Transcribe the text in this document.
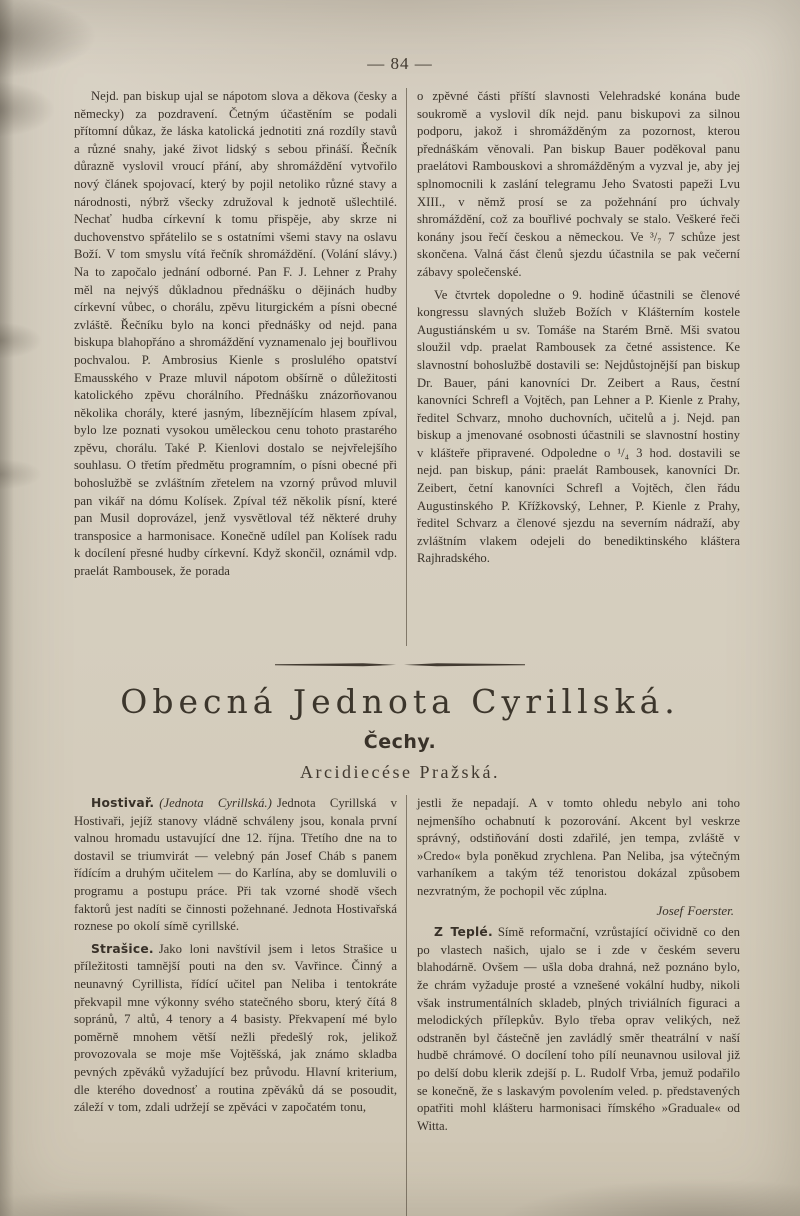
— 84 —

Nejd. pan biskup ujal se nápotom slova a děkova (česky a německy) za pozdravení. Četným účastěním se podali přítomní důkaz, že láska katolická jednotiti zná rozdíly stavů a různé snahy, jaké život lidský s sebou přináší. Řečník důrazně vyslovil vroucí přání, aby shromáždění vytvořilo nový článek spojovací, který by pojil netoliko různé stavy a národnosti, nýbrž všecky združoval k jednotě ušlechtilé. Nechať hudba církevní k tomu přispěje, aby skrze ni duchovenstvo spřátelilo se s ostatními všemi stavy na oslavu Boží. V tom smyslu vítá řečník shromáždění. (Volání slávy.) Na to započalo jednání odborné. Pan F. J. Lehner z Prahy měl na nejvýš důkladnou přednášku o dějinách hudby církevní vůbec, o chorálu, zpěvu liturgickém a písni obecné zvláště. Řečníku bylo na konci přednášky od nejd. pana biskupa blahopřáno a shromáždění vyznamenalo jej bouřlivou pochvalou. P. Ambrosius Kienle s proslulého opatství Emausského v Praze mluvil nápotom obšírně o důležitosti katolického zpěvu chorálního. Přednášku znázorňovanou několika chorály, které jasným, líbeznějícím hlasem zpíval, bylo lze poznati vysokou uměleckou cenu tohoto prastarého zpěvu, chorálu. Také P. Kienlovi dostalo se nejvřelejšího souhlasu. O třetím předmětu programním, o písni obecné při bohoslužbě se zvláštním zřetelem na vzorný průvod mluvil pan vikář na dómu Kolísek. Zpíval též několik písní, které pan Musil doprovázel, jenž vysvětloval též některé druhy transposice a harmonisace. Konečně udílel pan Kolísek radu k docílení přesné hudby církevní. Když skončil, oznámil vdp. praelát Rambousek, že porada

o zpěvné části příští slavnosti Velehradské konána bude soukromě a vyslovil dík nejd. panu biskupovi za silnou podporu, jakož i shromážděným za pozornost, kterou přednáškám věnovali. Pan biskup Bauer poděkoval panu praelátovi Rambouskovi a shromážděným a vyzval je, aby jej splnomocnili k zaslání telegramu Jeho Svatosti papeži Lvu XIII., v němž prosí se za požehnání pro úchvaly shromáždění, což za bouřlivé pochvaly se stalo. Veškeré řeči konány jsou řečí českou a německou. Ve ³/₇ 7 schůze jest skončena. Valná část členů sjezdu účastnila se pak večerní zábavy společenské.

Ve čtvrtek dopoledne o 9. hodině účastnili se členové kongressu slavných služeb Božích v Klášterním kostele Augustiánském u sv. Tomáše na Starém Brně. Mši svatou sloužil vdp. praelat Rambousek za četné assistence. Ke slavnostní bohoslužbě dostavili se: Nejdůstojnější pan biskup Dr. Bauer, páni kanovníci Dr. Zeibert a Raus, čestní kanovníci Schrefl a Vojtěch, pan Lehner a P. Kienle z Prahy, ředitel Schvarz, mnoho duchovních, učitelů a j. Nejd. pan biskup a jmenované osobnosti účastnili se slavnostní hostiny v klášteře připravené. Odpoledne o ¹/₄ 3 hod. dostavili se nejd. pan biskup, páni: praelát Rambousek, kanovníci Dr. Zeibert, četní kanovníci Schrefl a Vojtěch, člen řádu Augustinského P. Křížkovský, Lehner, P. Kienle z Prahy, ředitel Schvarz a členové sjezdu na severním nádraží, aby zvláštním vlakem odejeli do benediktinského kláštera Rajhradského.

Obecná Jednota Cyrillská.
Čechy.
Arcidiecése Pražská.

Hostivař. (Jednota Cyrillská.) Jednota Cyrillská v Hostivaři, jejíž stanovy vládně schváleny jsou, konala první valnou hromadu ustavující dne 12. října. Třetího dne na to dostavil se triumvirát — velebný pán Josef Cháb s panem řídícím a druhým učitelem — do Karlína, aby se domluvili o programu a postupu práce. Při tak vzorné shodě všech faktorů jest nadíti se činnosti požehnané. Jednota Hostivařská roznese po okolí símě cyrillské.

Strašice. Jako loni navštívil jsem i letos Strašice u příležitosti tamnější pouti na den sv. Vavřince. Činný a neunavný Cyrillista, řídící učitel pan Neliba i tentokráte překvapil mne výkonny svého statečného sboru, který čítá 8 sopránů, 7 altů, 4 tenory a 4 basisty. Překvapení mé bylo poměrně mnohem větší nežli předešlý rok, jelikož provozovala se moje mše Vojtěšská, jak známo skladba pevných zpěváků vyžadující bez průvodu. Hlavní kriterium, dle kterého dovednosť a routina zpěváků dá se posoudit, záleží v tom, zdali udržejí se zpěváci v započatém tonu,

jestli že nepadají. A v tomto ohledu nebylo ani toho nejmenšího ochabnutí k pozorování. Akcent byl veskrze správný, odstiňování dosti zdařilé, jen tempa, zvláště v »Credo« byla poněkud zrychlena. Pan Neliba, jsa výtečným varhaníkem a takým též tenoristou dokázal způsobem nezvratným, že pochopil věc zúplna.

Josef Foerster.

Z Teplé. Símě reformační, vzrůstající očividně co den po vlastech našich, ujalo se i zde v českém severu blahodárně. Ovšem — ušla doba drahná, než poznáno bylo, že chrám vyžaduje prosté a vznešené vokální hudby, nikoli však instrumentálních skladeb, plných triviálních figuraci a melodických přílepkův. Bylo třeba oprav velikých, než odstraněn byl částečně jen zavládlý směr theatrální v naší hudbě chrámové. O docílení toho pílí neunavnou usiloval již po delší dobu klerik zdejší p. L. Rudolf Vrba, jemuž podařilo se konečně, že s laskavým povolením veled. p. představených opatřiti mohl klášteru harmonisaci římského »Graduale« od Witta.
